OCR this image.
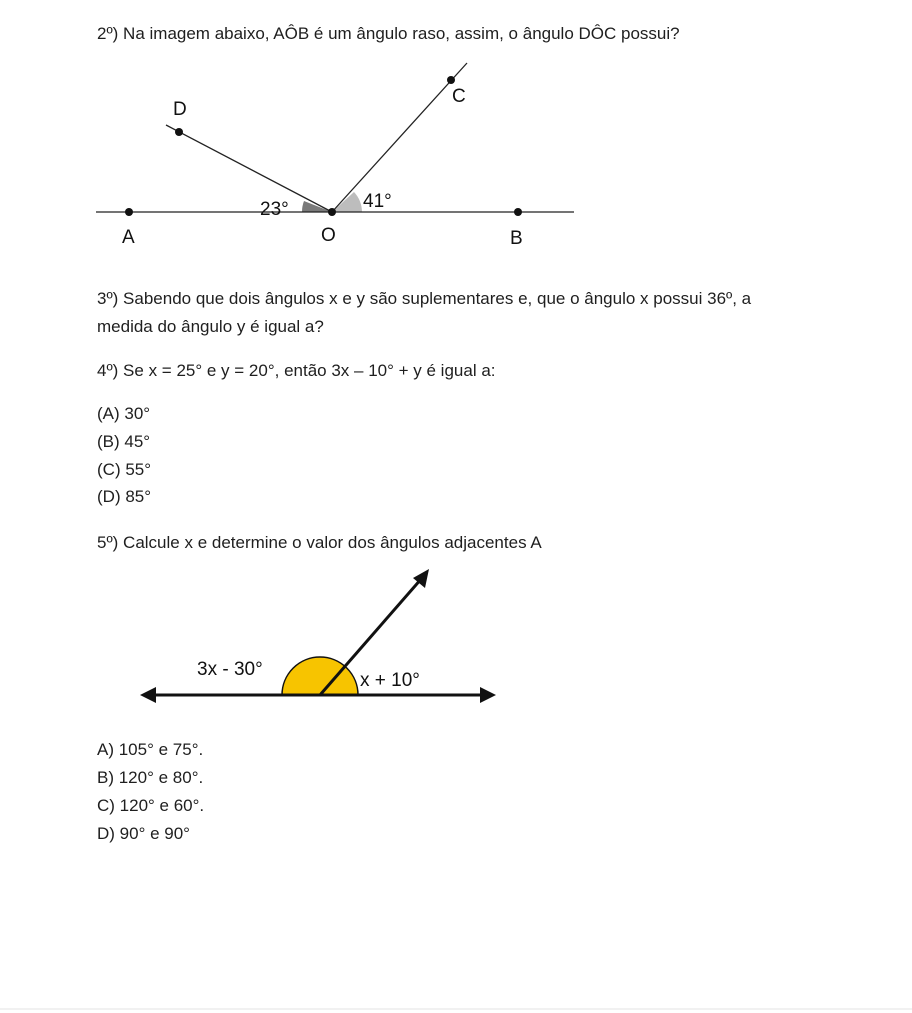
2º) Na imagem abaixo, AÔB é um ângulo raso, assim, o ângulo DÔC possui?
D
C
A	O	B
23°	41°
3º) Sabendo que dois ângulos x e y são suplementares e, que o ângulo x possui 36º, a
medida do ângulo y é igual a?
4º) Se x = 25° e y = 20°, então 3x – 10° + y é igual a:
(A) 30°
(B) 45°
(C) 55°
(D) 85°
5º) Calcule x e determine o valor dos ângulos adjacentes A
3x - 30°
x + 10°
A) 105° e 75°.
B) 120° e 80°.
C) 120° e 60°.
D) 90° e 90°
